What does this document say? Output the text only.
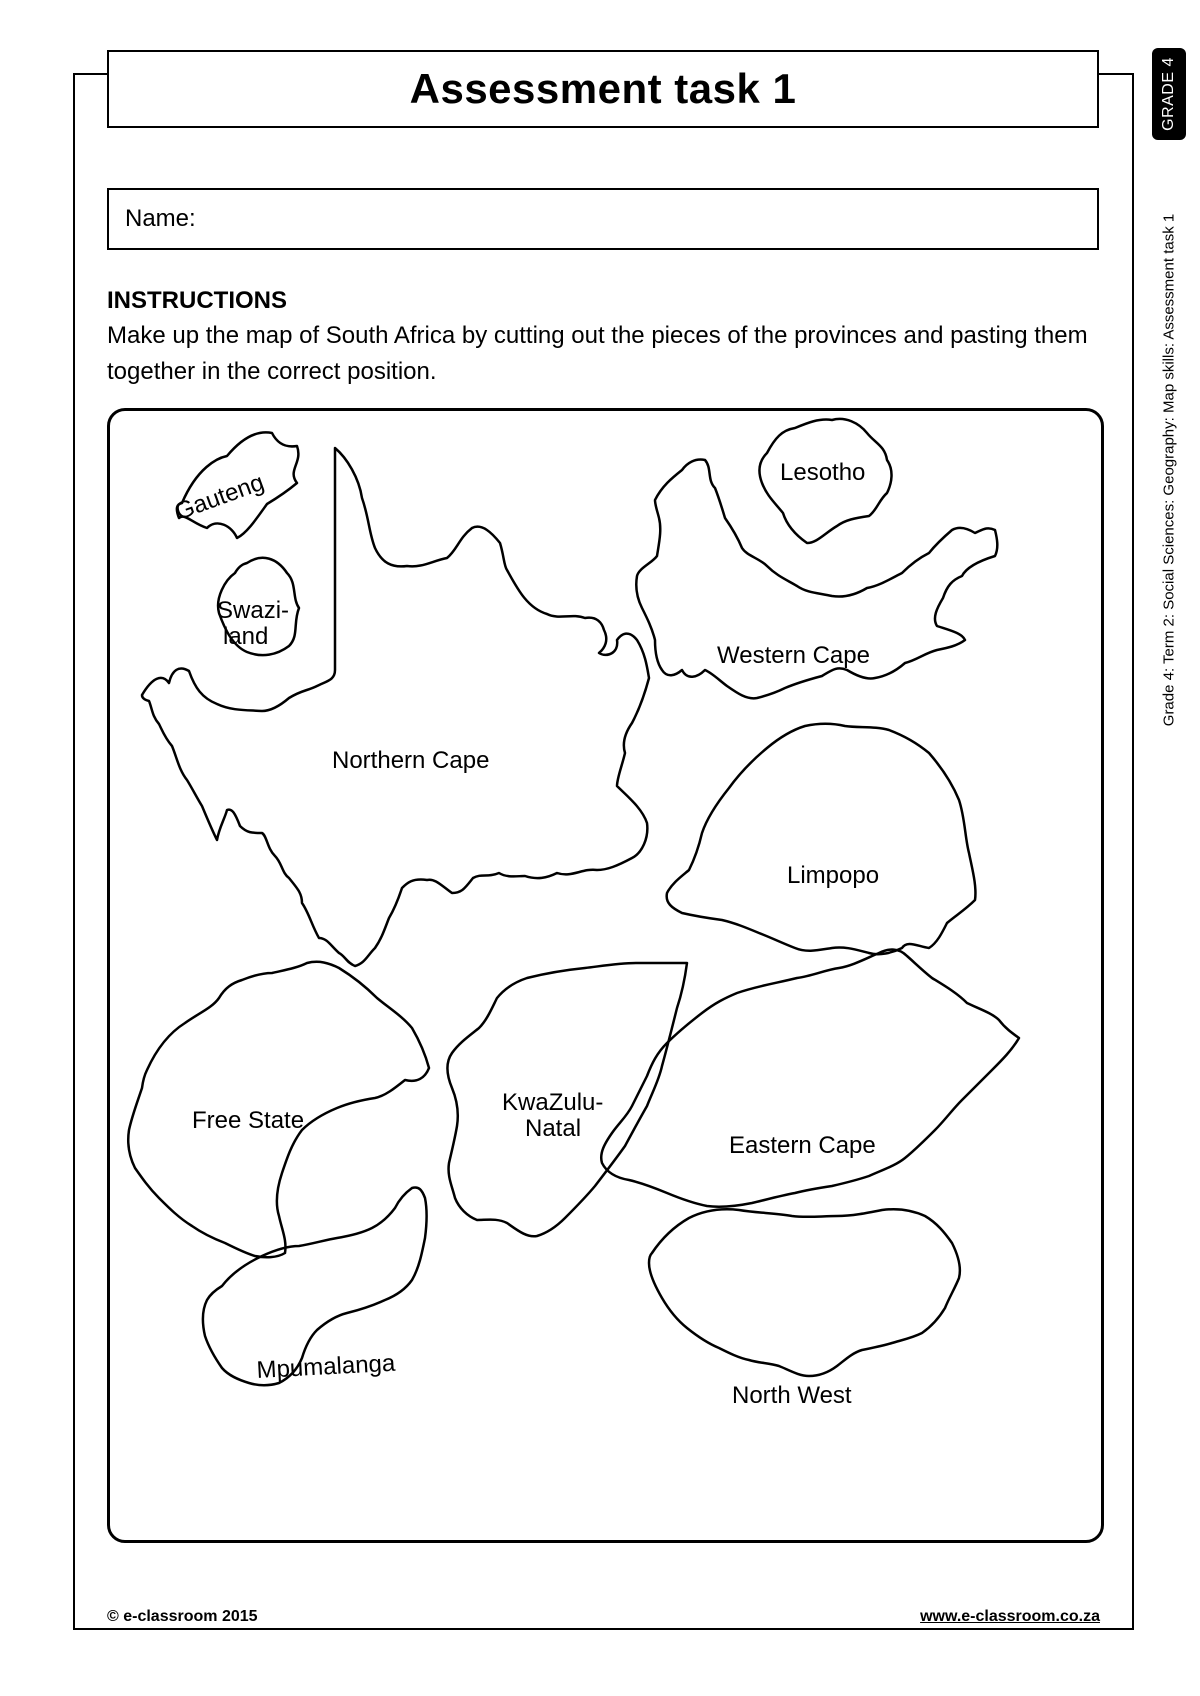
Assessment task 1
Name:
INSTRUCTIONS
Make up the map of South Africa by cutting out the pieces of the provinces and pasting them together in the correct position.
Gauteng
Swazi-
land
Northern Cape
Lesotho
Western Cape
Limpopo
Free State
KwaZulu-
Natal
Eastern Cape
Mpumalanga
North West
GRADE 4
Grade 4: Term 2: Social Sciences: Geography: Map skills: Assessment task 1
© e-classroom 2015	www.e-classroom.co.za
